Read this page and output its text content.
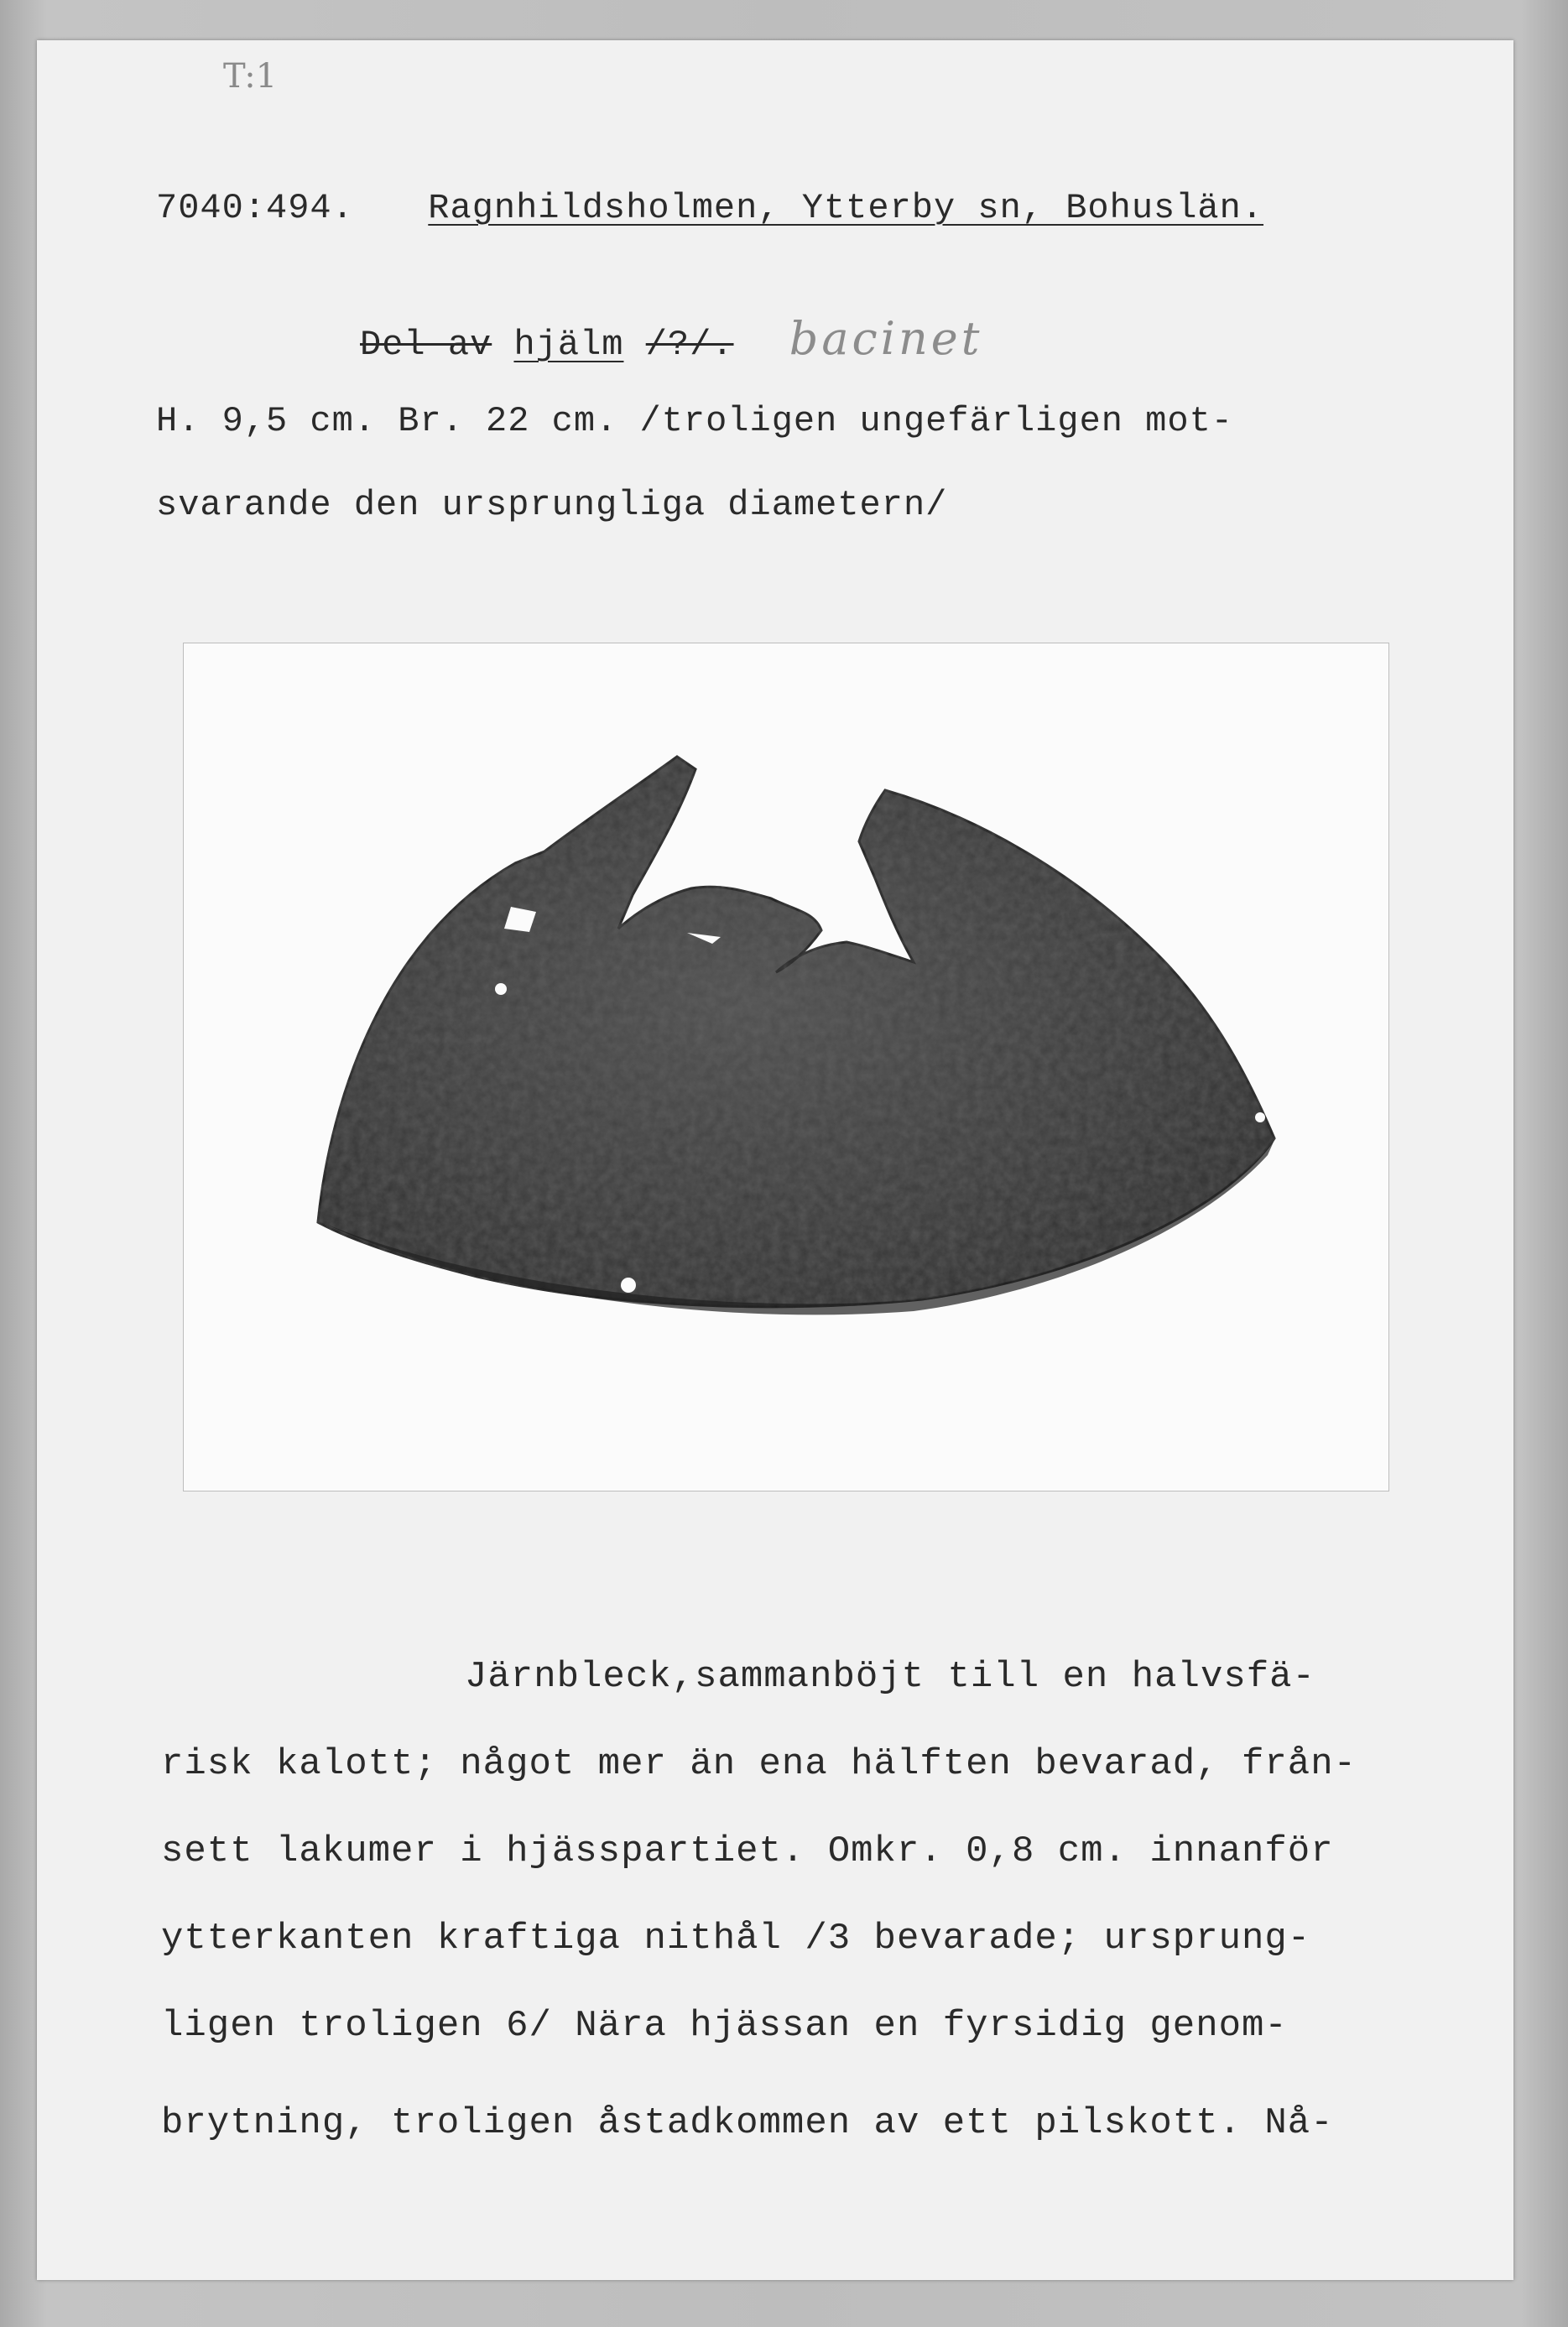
T:1
7040:494. Ragnhildsholmen, Ytterby sn, Bohuslän.
Del av hjälm /?/. bacinet
H. 9,5 cm. Br. 22 cm. /troligen ungefärligen mot-
svarande den ursprungliga diametern/
Järnbleck,sammanböjt till en halvsfä-
risk kalott; något mer än ena hälften bevarad, från-
sett lakumer i hjässpartiet. Omkr. 0,8 cm. innanför
ytterkanten kraftiga nithål /3 bevarade; ursprung-
ligen troligen 6/ Nära hjässan en fyrsidig genom-
brytning, troligen åstadkommen av ett pilskott. Nå-
